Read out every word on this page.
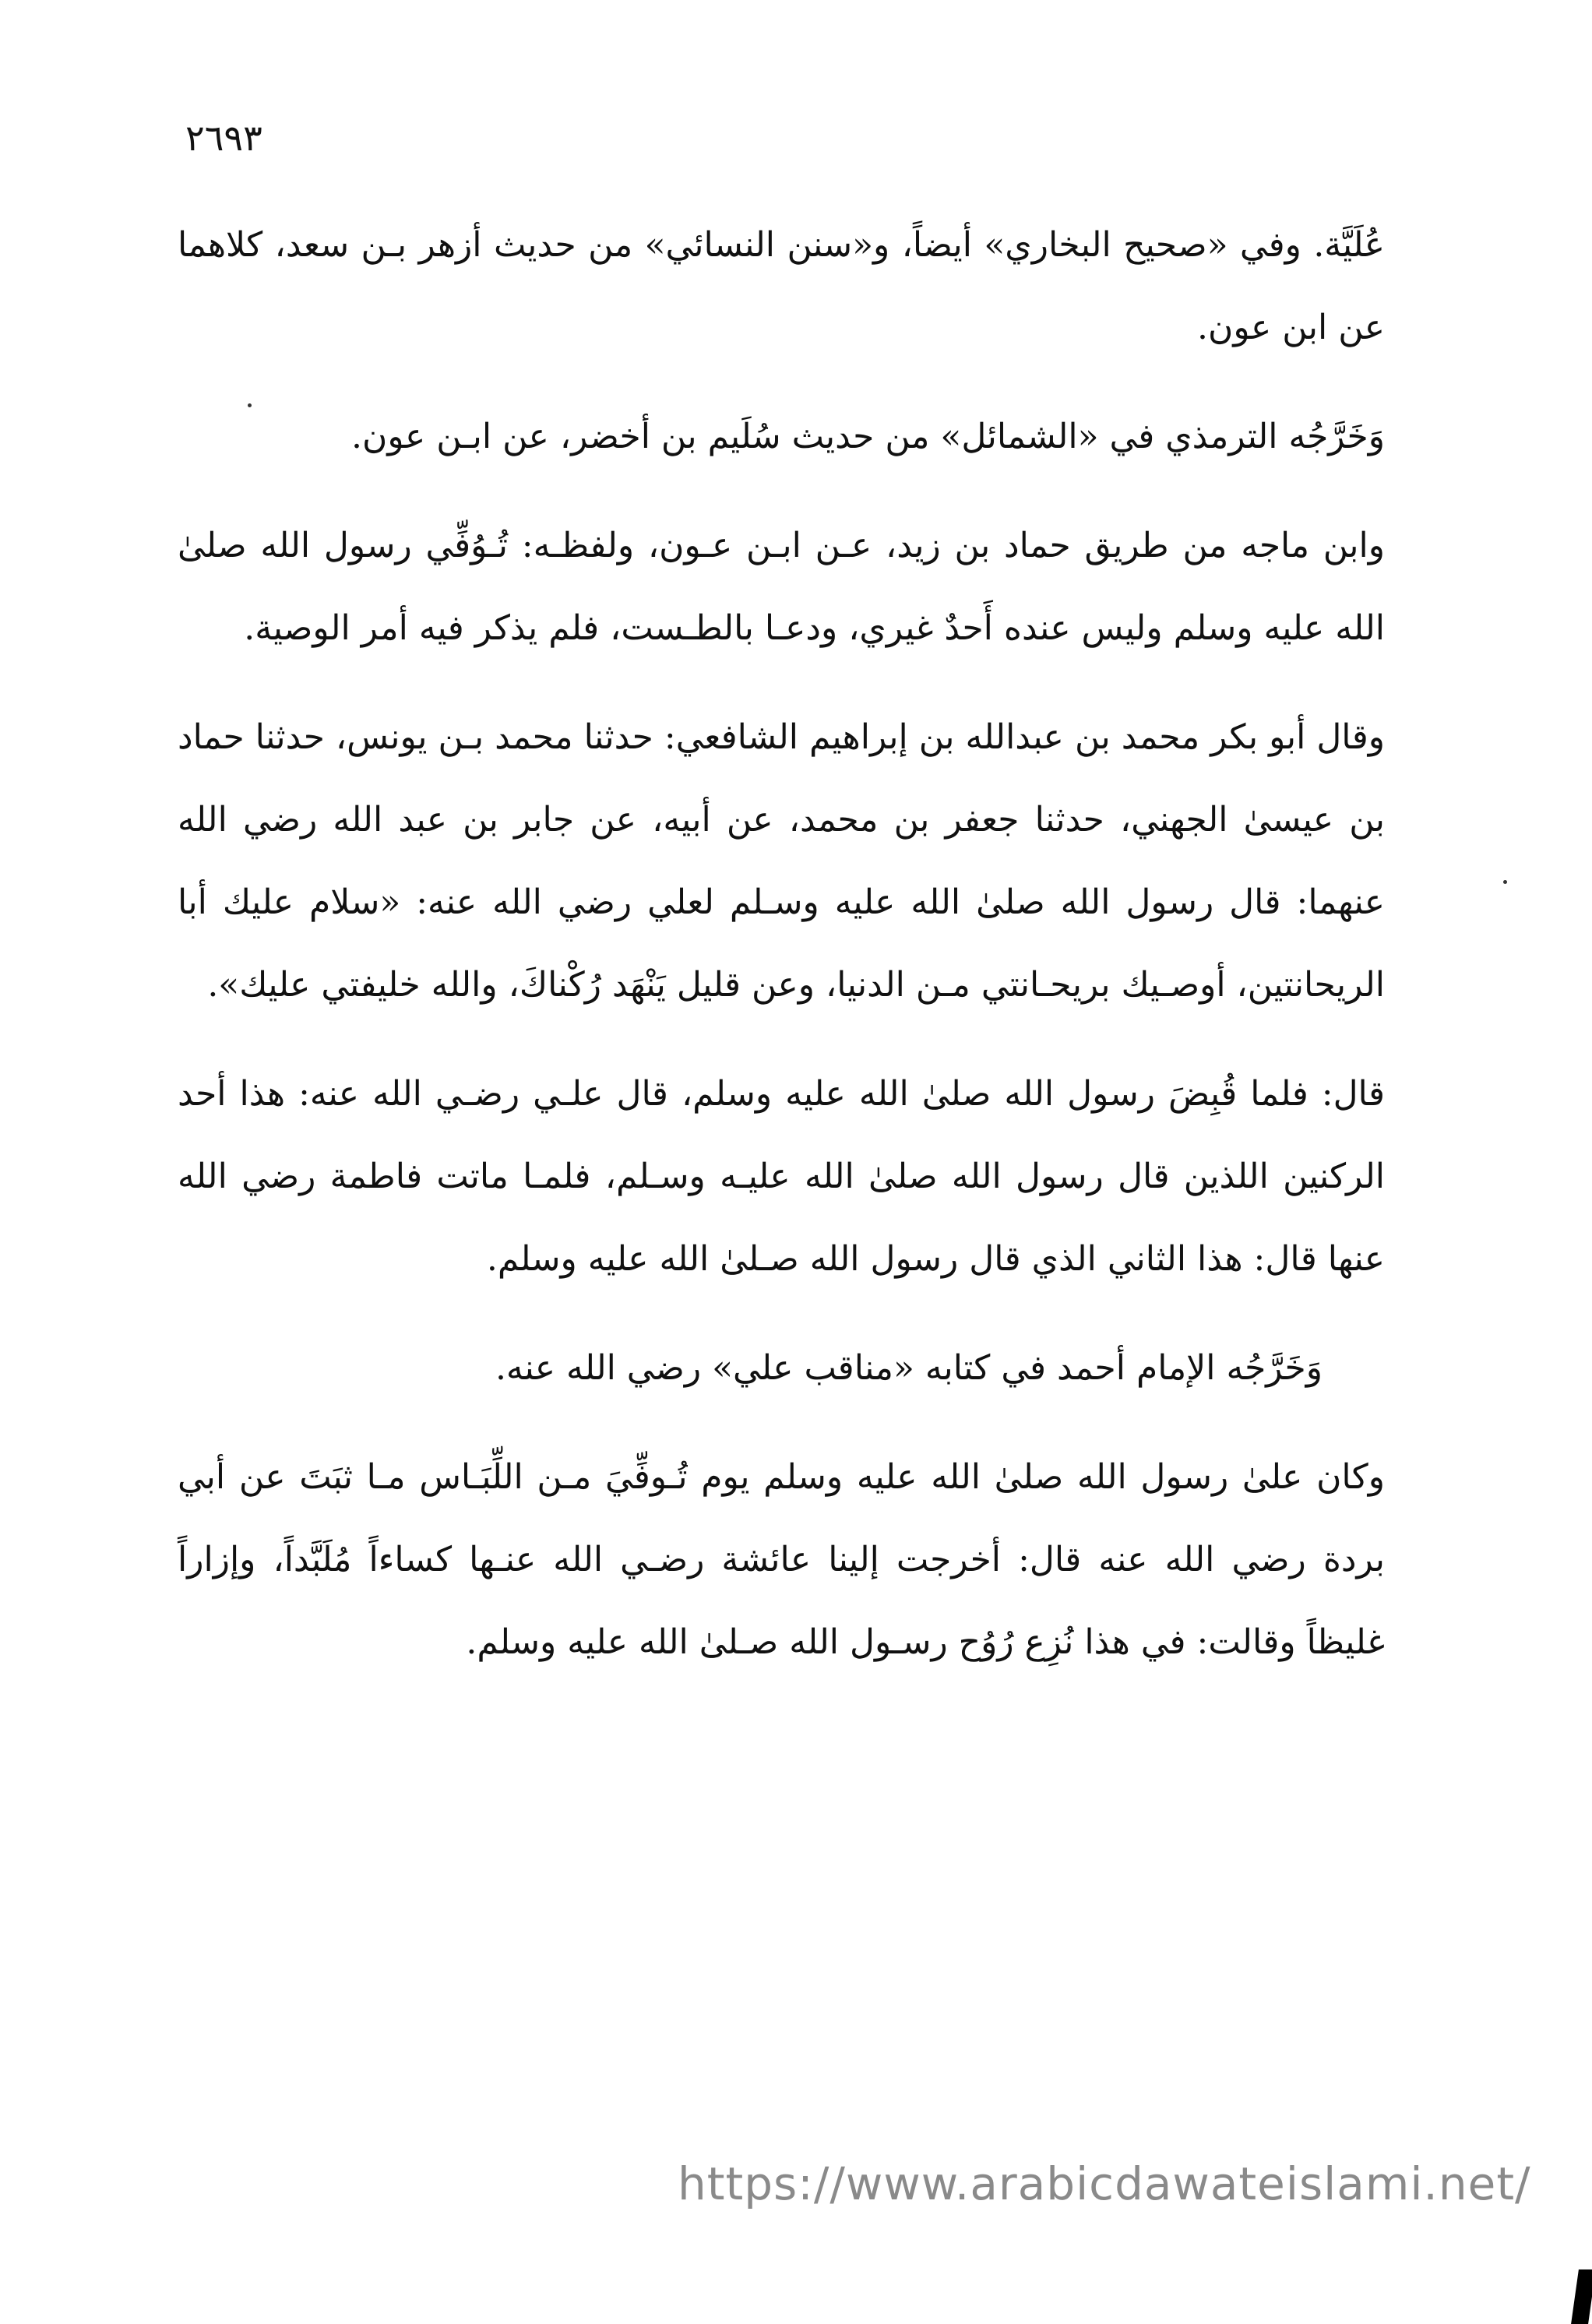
٢٦٩٣

عُلَيَّة. وفي «صحيح البخاري» أيضاً، و«سنن النسائي» من حديث أزهر بـن سعد، كلاهما عن ابن عون.

وَخَرَّجُه الترمذي في «الشمائل» من حديث سُلَيم بن أخضر، عن ابـن عون.

وابن ماجه من طريق حماد بن زيد، عـن ابـن عـون، ولفظـه: تُـوُفِّي رسول الله صلىٰ الله عليه وسلم وليس عنده أَحدٌ غيري، ودعـا بالطـست، فلم يذكر فيه أمر الوصية.

وقال أبو بكر محمد بن عبدالله بن إبراهيم الشافعي: حدثنا محمد بـن يونس، حدثنا حماد بن عيسىٰ الجهني، حدثنا جعفر بن محمد، عن أبيه، عن جابر بن عبد الله رضي الله عنهما: قال رسول الله صلىٰ الله عليه وسـلم لعلي رضي الله عنه: «سلام عليك أبا الريحانتين، أوصـيك بريحـانتي مـن الدنيا، وعن قليل يَنْهَد رُكْناكَ، والله خليفتي عليك».

قال: فلما قُبِضَ رسول الله صلىٰ الله عليه وسلم، قال علـي رضـي الله عنه: هذا أحد الركنين اللذين قال رسول الله صلىٰ الله عليـه وسـلم، فلمـا ماتت فاطمة رضي الله عنها قال: هذا الثاني الذي قال رسول الله صـلىٰ الله عليه وسلم.

وَخَرَّجُه الإمام أحمد في كتابه «مناقب علي» رضي الله عنه.

وكان علىٰ رسول الله صلىٰ الله عليه وسلم يوم تُـوفِّيَ مـن اللِّبَـاس مـا ثبَتَ عن أبي بردة رضي الله عنه قال: أخرجت إلينا عائشة رضـي الله عنـها كساءاً مُلَبَّداً، وإزاراً غليظاً وقالت: في هذا نُزِع رُوُح رسـول الله صـلىٰ الله عليه وسلم.

https://www.arabicdawateislami.net/
